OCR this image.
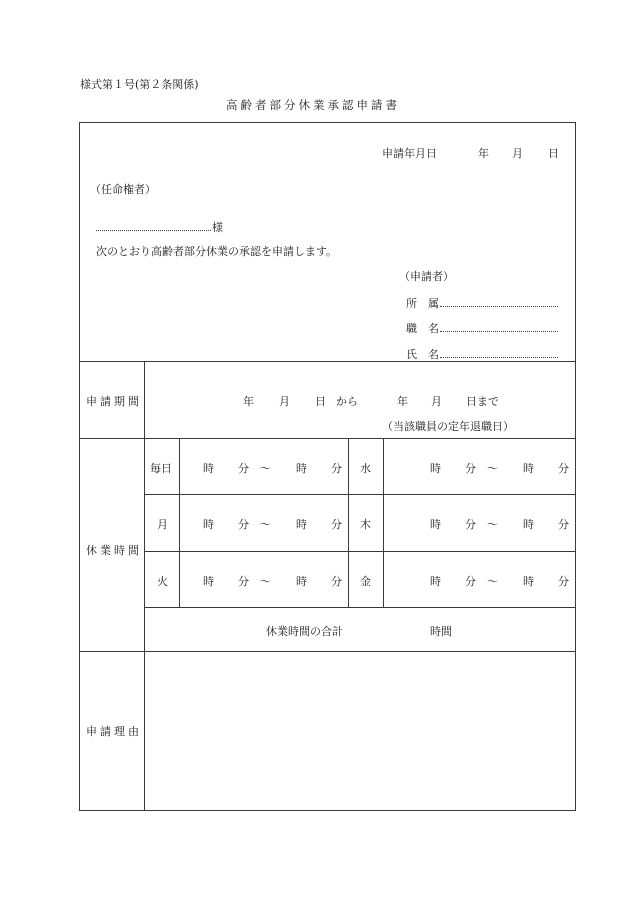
様式第１号(第２条関係)
高齢者部分休業承認申請書
申請年月日	年 月 日
（任命権者）
様
次のとおり高齢者部分休業の承認を申請します。
（申請者）
所　属
職　名
氏　名
申請期間	年 月 日 から	年 月 日まで
（当該職員の定年退職日）
休業時間
毎日	時 分 ～ 時 分 水	時 分 ～ 時 分
月	時 分 ～ 時 分 木	時 分 ～ 時 分
火	時 分 ～ 時 分 金	時 分 ～ 時 分
休業時間の合計	時間
申請理由
